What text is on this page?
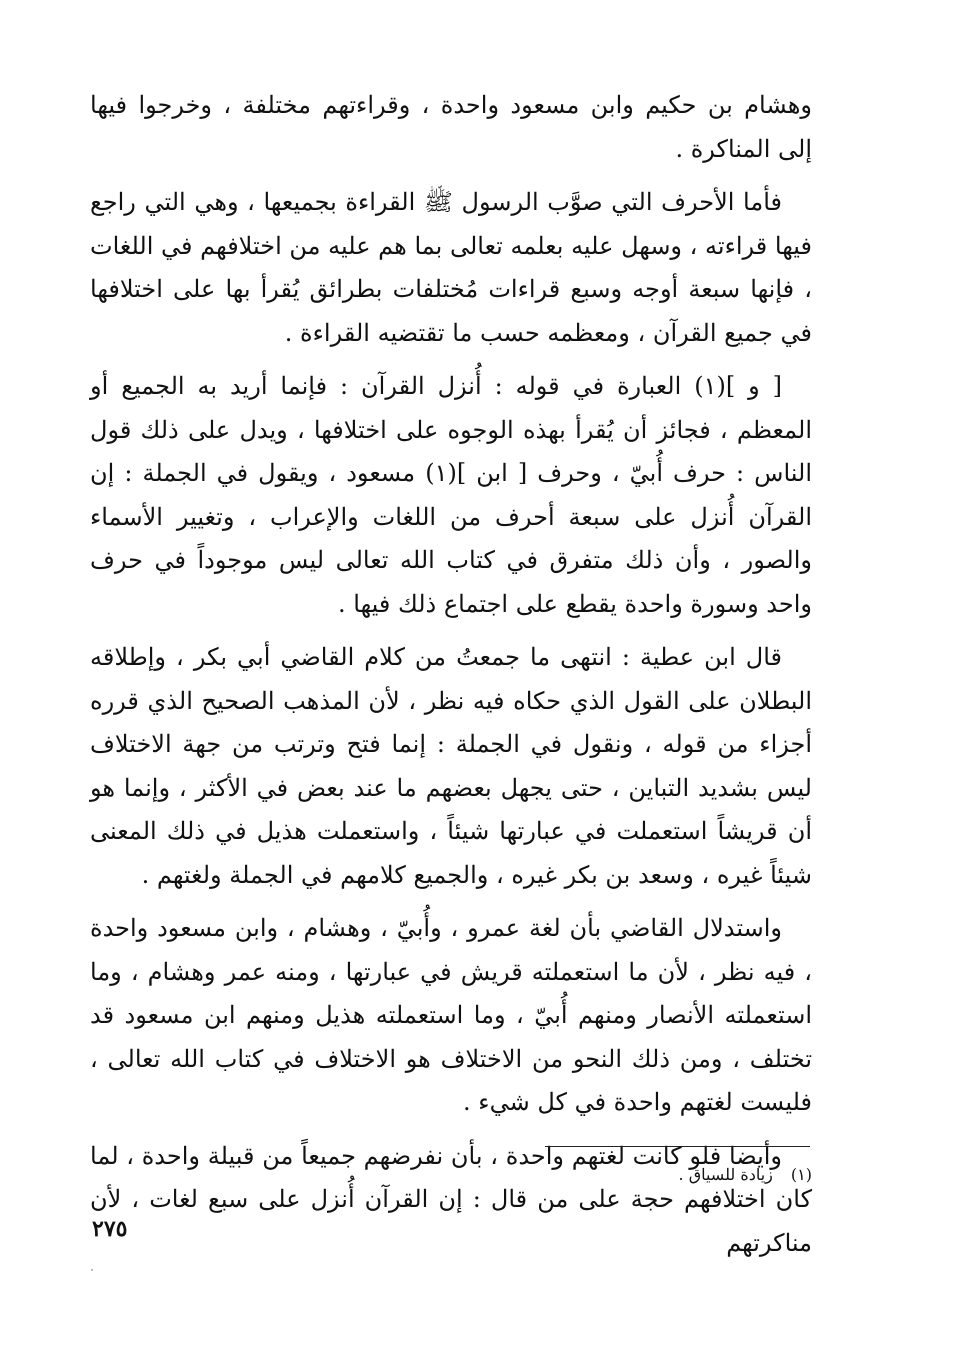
وهشام بن حكيم وابن مسعود واحدة ، وقراءتهم مختلفة ، وخرجوا فيها إلى المناكرة .

فأما الأحرف التي صوَّب الرسول ﷺ القراءة بجميعها ، وهي التي راجع فيها قراءته ، وسهل عليه بعلمه تعالى بما هم عليه من اختلافهم في اللغات ، فإنها سبعة أوجه وسبع قراءات مُختلفات بطرائق يُقرأ بها على اختلافها في جميع القرآن ، ومعظمه حسب ما تقتضيه القراءة .

[ و ](١) العبارة في قوله : أُنزل القرآن : فإنما أريد به الجميع أو المعظم ، فجائز أن يُقرأ بهذه الوجوه على اختلافها ، ويدل على ذلك قول الناس : حرف أُبيّ ، وحرف [ ابن ](١) مسعود ، ويقول في الجملة : إن القرآن أُنزل على سبعة أحرف من اللغات والإعراب ، وتغيير الأسماء والصور ، وأن ذلك متفرق في كتاب الله تعالى ليس موجوداً في حرف واحد وسورة واحدة يقطع على اجتماع ذلك فيها .

قال ابن عطية : انتهى ما جمعتُ من كلام القاضي أبي بكر ، وإطلاقه البطلان على القول الذي حكاه فيه نظر ، لأن المذهب الصحيح الذي قرره أجزاء من قوله ، ونقول في الجملة : إنما فتح وترتب من جهة الاختلاف ليس بشديد التباين ، حتى يجهل بعضهم ما عند بعض في الأكثر ، وإنما هو أن قريشاً استعملت في عبارتها شيئاً ، واستعملت هذيل في ذلك المعنى شيئاً غيره ، وسعد بن بكر غيره ، والجميع كلامهم في الجملة ولغتهم .

واستدلال القاضي بأن لغة عمرو ، وأُبيّ ، وهشام ، وابن مسعود واحدة ، فيه نظر ، لأن ما استعملته قريش في عبارتها ، ومنه عمر وهشام ، وما استعملته الأنصار ومنهم أُبيّ ، وما استعملته هذيل ومنهم ابن مسعود قد تختلف ، ومن ذلك النحو من الاختلاف هو الاختلاف في كتاب الله تعالى ، فليست لغتهم واحدة في كل شيء .

وأيضا فلو كانت لغتهم واحدة ، بأن نفرضهم جميعاً من قبيلة واحدة ، لما كان اختلافهم حجة على من قال : إن القرآن أُنزل على سبع لغات ، لأن مناكرتهم

(١)زيادة للسياق .
٢٧٥
